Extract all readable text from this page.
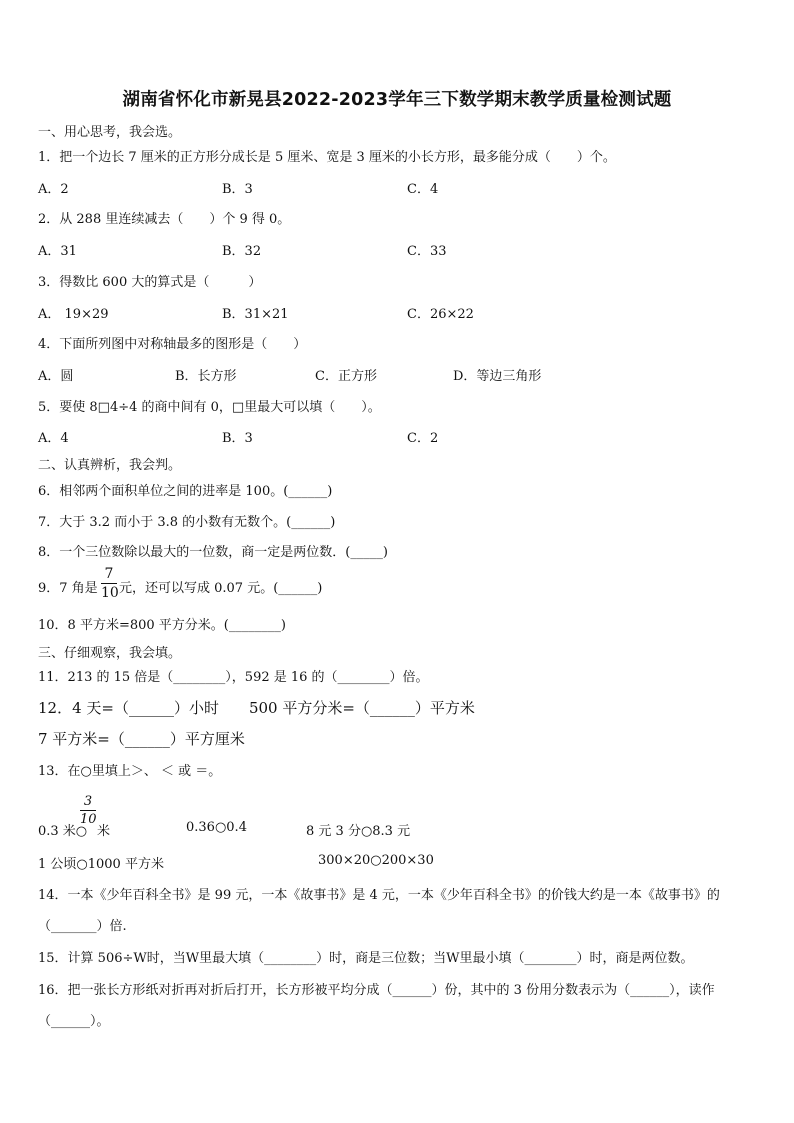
湖南省怀化市新晃县2022-2023学年三下数学期末教学质量检测试题
一、用心思考，我会选。
1．把一个边长 7 厘米的正方形分成长是 5 厘米、宽是 3 厘米的小长方形，最多能分成（　　）个。
A．2	B．3	C．4
2．从 288 里连续减去（　　）个 9 得 0。
A．31	B．32	C．33
3．得数比 600 大的算式是（　　　）
A． 19×29	B．31×21	C．26×22
4．下面所列图中对称轴最多的图形是（　　）
A．圆	B．长方形	C．正方形	D．等边三角形
5．要使 8□4÷4 的商中间有 0，□里最大可以填（　　）。
A．4	B．3	C．2
二、认真辨析，我会判。
6．相邻两个面积单位之间的进率是 100。(______)
7．大于 3.2 而小于 3.8 的小数有无数个。(______)
8．一个三位数除以最大的一位数，商一定是两位数．(_____)
9．7 角是
7
10 元，还可以写成 0.07 元。(______)
10．8 平方米=800 平方分米。(________)
三、仔细观察，我会填。
11．213 的 15 倍是（________），592 是 16 的（________）倍。
12．4 天=（______）小时　　500 平方分米=（______）平方米
7 平方米=（______）平方厘米
13．在○里填上＞、 ＜ 或 ＝。
0.3 米○
3
10
米	0.36○0.4	8 元 3 分○8.3 元
1 公顷○1000 平方米	300×20○200×30
14．一本《少年百科全书》是 99 元，一本《故事书》是 4 元，一本《少年百科全书》的价钱大约是一本《故事书》的
（_______）倍.
15．计算 506÷W时，当W里最大填（________）时，商是三位数；当W里最小填（________）时，商是两位数。
16．把一张长方形纸对折再对折后打开，长方形被平均分成（______）份，其中的 3 份用分数表示为（______），读作
（______）。
